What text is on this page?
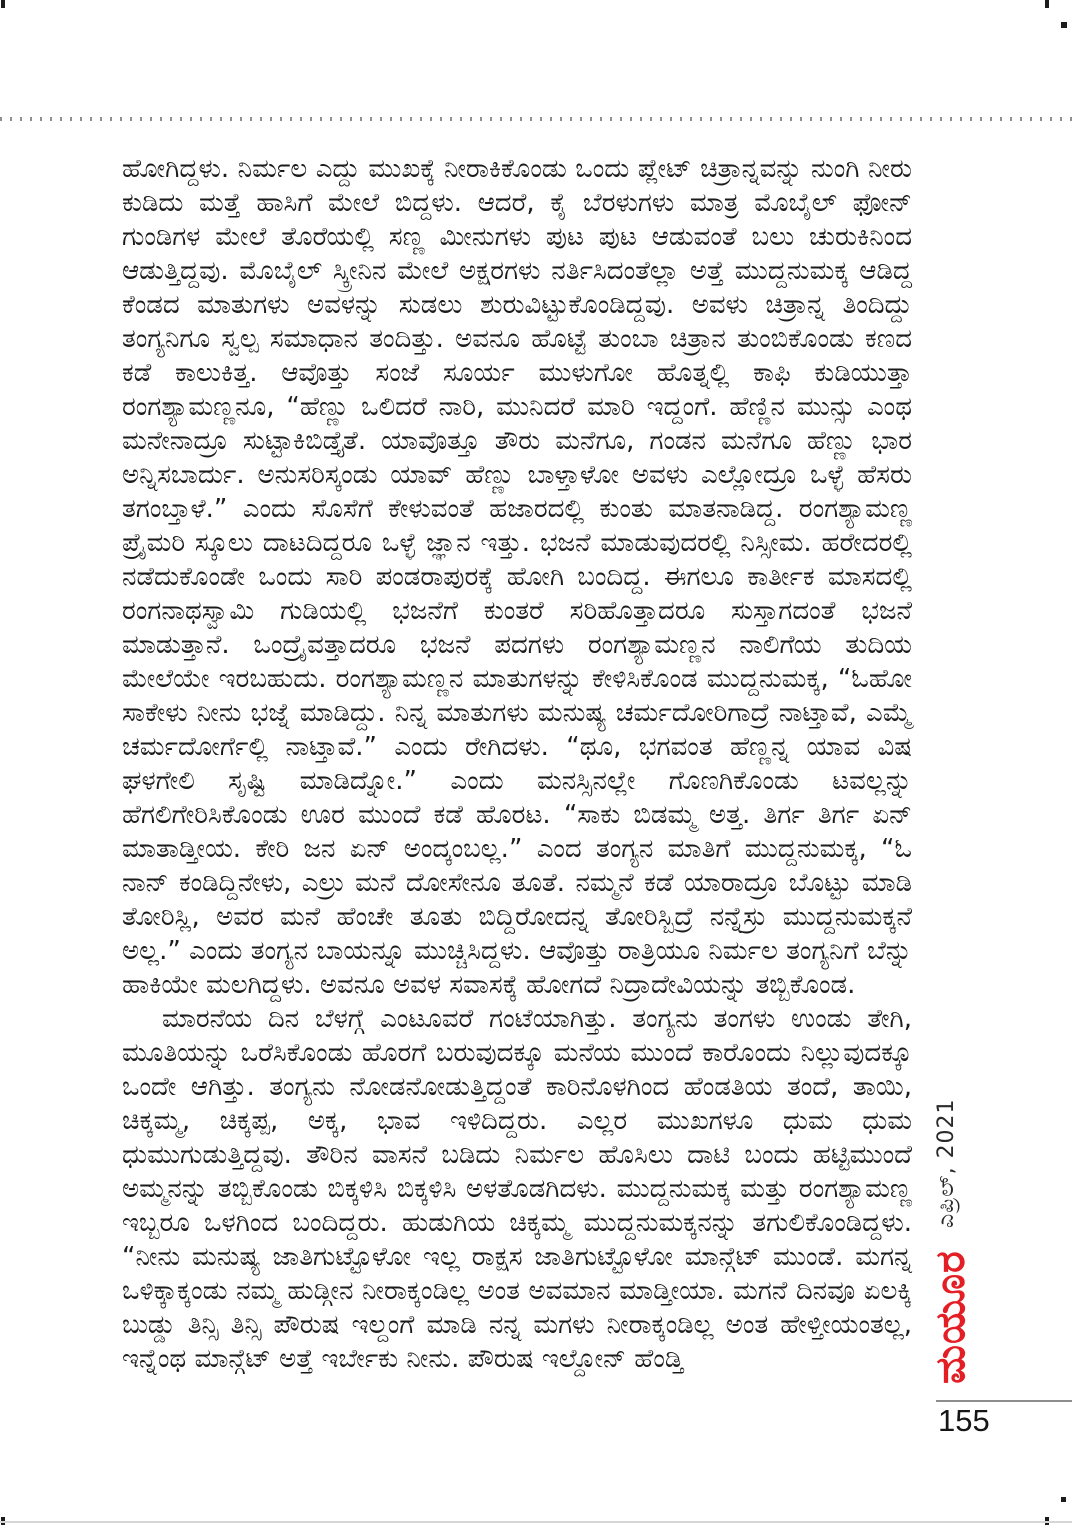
ಹೋಗಿದ್ದಳು. ನಿರ್ಮಲ ಎದ್ದು ಮುಖಕ್ಕೆ ನೀರಾಕಿಕೊಂಡು ಒಂದು ಪ್ಲೇಟ್ ಚಿತ್ರಾನ್ನವನ್ನು ನುಂಗಿ ನೀರು ಕುಡಿದು ಮತ್ತೆ ಹಾಸಿಗೆ ಮೇಲೆ ಬಿದ್ದಳು. ಆದರೆ, ಕೈ ಬೆರಳುಗಳು ಮಾತ್ರ ಮೊಬೈಲ್ ಫೋನ್ ಗುಂಡಿಗಳ ಮೇಲೆ ತೊರೆಯಲ್ಲಿ ಸಣ್ಣ ಮೀನುಗಳು ಪುಟ ಪುಟ ಆಡುವಂತೆ ಬಲು ಚುರುಕಿನಿಂದ ಆಡುತ್ತಿದ್ದವು. ಮೊಬೈಲ್ ಸ್ಕ್ರೀನಿನ ಮೇಲೆ ಅಕ್ಷರಗಳು ನರ್ತಿಸಿದಂತೆಲ್ಲಾ ಅತ್ತೆ ಮುದ್ದನುಮಕ್ಕ ಆಡಿದ್ದ ಕೆಂಡದ ಮಾತುಗಳು ಅವಳನ್ನು ಸುಡಲು ಶುರುವಿಟ್ಟುಕೊಂಡಿದ್ದವು. ಅವಳು ಚಿತ್ರಾನ್ನ ತಿಂದಿದ್ದು ತಂಗ್ಯನಿಗೂ ಸ್ವಲ್ಪ ಸಮಾಧಾನ ತಂದಿತ್ತು. ಅವನೂ ಹೊಟ್ಟೆ ತುಂಬಾ ಚಿತ್ರಾನ ತುಂಬಿಕೊಂಡು ಕಣದ ಕಡೆ ಕಾಲುಕಿತ್ತ. ಆವೊತ್ತು ಸಂಜೆ ಸೂರ್ಯ ಮುಳುಗೋ ಹೊತ್ನಲ್ಲಿ ಕಾಫಿ ಕುಡಿಯುತ್ತಾ ರಂಗಶ್ಯಾಮಣ್ಣನೂ, “ಹೆಣ್ಣು ಒಲಿದರೆ ನಾರಿ, ಮುನಿದರೆ ಮಾರಿ ಇದ್ದಂಗೆ. ಹೆಣ್ಣಿನ ಮುನ್ಸು ಎಂಥ ಮನೇನಾದ್ರೂ ಸುಟ್ಟಾಕಿಬಿಡ್ತೈತೆ. ಯಾವೊತ್ತೂ ತೌರು ಮನೆಗೂ, ಗಂಡನ ಮನೆಗೂ ಹೆಣ್ಣು ಭಾರ ಅನ್ನಿಸಬಾರ್ದು. ಅನುಸರಿಸ್ಕಂಡು ಯಾವ್ ಹೆಣ್ಣು ಬಾಳ್ತಾಳೋ ಅವಳು ಎಲ್ಲೋದ್ರೂ ಒಳ್ಳೆ ಹೆಸರು ತಗಂಬ್ತಾಳೆ.” ಎಂದು ಸೊಸೆಗೆ ಕೇಳುವಂತೆ ಹಜಾರದಲ್ಲಿ ಕುಂತು ಮಾತನಾಡಿದ್ದ. ರಂಗಶ್ಯಾಮಣ್ಣ ಪ್ರೈಮರಿ ಸ್ಕೂಲು ದಾಟದಿದ್ದರೂ ಒಳ್ಳೆ ಜ್ಞಾನ ಇತ್ತು. ಭಜನೆ ಮಾಡುವುದರಲ್ಲಿ ನಿಸ್ಸೀಮ. ಹರೇದರಲ್ಲಿ ನಡೆದುಕೊಂಡೇ ಒಂದು ಸಾರಿ ಪಂಡರಾಪುರಕ್ಕೆ ಹೋಗಿ ಬಂದಿದ್ದ. ಈಗಲೂ ಕಾರ್ತೀಕ ಮಾಸದಲ್ಲಿ ರಂಗನಾಥಸ್ವಾಮಿ ಗುಡಿಯಲ್ಲಿ ಭಜನೆಗೆ ಕುಂತರೆ ಸರಿಹೊತ್ತಾದರೂ ಸುಸ್ತಾಗದಂತೆ ಭಜನೆ ಮಾಡುತ್ತಾನೆ. ಒಂದ್ರೈವತ್ತಾದರೂ ಭಜನೆ ಪದಗಳು ರಂಗಶ್ಯಾಮಣ್ಣನ ನಾಲಿಗೆಯ ತುದಿಯ ಮೇಲೆಯೇ ಇರಬಹುದು. ರಂಗಶ್ಯಾಮಣ್ಣನ ಮಾತುಗಳನ್ನು ಕೇಳಿಸಿಕೊಂಡ ಮುದ್ದನುಮಕ್ಕ, “ಓಹೋ ಸಾಕೇಳು ನೀನು ಭಜ್ನೆ ಮಾಡಿದ್ದು. ನಿನ್ನ ಮಾತುಗಳು ಮನುಷ್ಯ ಚರ್ಮದೋರಿಗಾದ್ರೆ ನಾಟ್ತಾವೆ, ಎಮ್ಮೆ ಚರ್ಮದೋರ್ಗೆಲ್ಲಿ ನಾಟ್ತಾವೆ.” ಎಂದು ರೇಗಿದಳು. “ಥೂ, ಭಗವಂತ ಹೆಣ್ಣನ್ನ ಯಾವ ವಿಷ ಘಳಗೇಲಿ ಸೃಷ್ಟಿ ಮಾಡಿದ್ನೋ.” ಎಂದು ಮನಸ್ಸಿನಲ್ಲೇ ಗೊಣಗಿಕೊಂಡು ಟವಲ್ಲನ್ನು ಹೆಗಲಿಗೇರಿಸಿಕೊಂಡು ಊರ ಮುಂದೆ ಕಡೆ ಹೊರಟ. “ಸಾಕು ಬಿಡಮ್ಮ ಅತ್ತ. ತಿರ್ಗ ತಿರ್ಗ ಏನ್ ಮಾತಾಡ್ತೀಯ. ಕೇರಿ ಜನ ಏನ್ ಅಂದ್ಕಂಬಲ್ಲ.” ಎಂದ ತಂಗ್ಯನ ಮಾತಿಗೆ ಮುದ್ದನುಮಕ್ಕ, “ಓ ನಾನ್ ಕಂಡಿದ್ದಿನೇಳು, ಎಲ್ರು ಮನೆ ದೋಸೇನೂ ತೂತೆ. ನಮ್ಮನೆ ಕಡೆ ಯಾರಾದ್ರೂ ಬೊಟ್ಟು ಮಾಡಿ ತೋರಿಸ್ಲಿ, ಅವರ ಮನೆ ಹೆಂಚೇ ತೂತು ಬಿದ್ದಿರೋದನ್ನ ತೋರಿಸ್ಬಿದ್ರೆ ನನ್ನೆಸ್ರು ಮುದ್ದನುಮಕ್ಕನೆ ಅಲ್ಲ.” ಎಂದು ತಂಗ್ಯನ ಬಾಯನ್ನೂ ಮುಚ್ಚಿಸಿದ್ದಳು. ಆವೊತ್ತು ರಾತ್ರಿಯೂ ನಿರ್ಮಲ ತಂಗ್ಯನಿಗೆ ಬೆನ್ನು ಹಾಕಿಯೇ ಮಲಗಿದ್ದಳು. ಅವನೂ ಅವಳ ಸವಾಸಕ್ಕೆ ಹೋಗದೆ ನಿದ್ರಾದೇವಿಯನ್ನು ತಬ್ಬಿಕೊಂಡ.

ಮಾರನೆಯ ದಿನ ಬೆಳಗ್ಗೆ ಎಂಟೂವರೆ ಗಂಟೆಯಾಗಿತ್ತು. ತಂಗ್ಯನು ತಂಗಳು ಉಂಡು ತೇಗಿ, ಮೂತಿಯನ್ನು ಒರೆಸಿಕೊಂಡು ಹೊರಗೆ ಬರುವುದಕ್ಕೂ ಮನೆಯ ಮುಂದೆ ಕಾರೊಂದು ನಿಲ್ಲುವುದಕ್ಕೂ ಒಂದೇ ಆಗಿತ್ತು. ತಂಗ್ಯನು ನೋಡನೋಡುತ್ತಿದ್ದಂತೆ ಕಾರಿನೊಳಗಿಂದ ಹೆಂಡತಿಯ ತಂದೆ, ತಾಯಿ, ಚಿಕ್ಕಮ್ಮ, ಚಿಕ್ಕಪ್ಪ, ಅಕ್ಕ, ಭಾವ ಇಳಿದಿದ್ದರು. ಎಲ್ಲರ ಮುಖಗಳೂ ಧುಮ ಧುಮ ಧುಮುಗುಡುತ್ತಿದ್ದವು. ತೌರಿನ ವಾಸನೆ ಬಡಿದು ನಿರ್ಮಲ ಹೊಸಿಲು ದಾಟಿ ಬಂದು ಹಟ್ಟಿಮುಂದೆ ಅಮ್ಮನನ್ನು ತಬ್ಬಿಕೊಂಡು ಬಿಕ್ಕಳಿಸಿ ಬಿಕ್ಕಳಿಸಿ ಅಳತೊಡಗಿದಳು. ಮುದ್ದನುಮಕ್ಕ ಮತ್ತು ರಂಗಶ್ಯಾಮಣ್ಣ ಇಬ್ಬರೂ ಒಳಗಿಂದ ಬಂದಿದ್ದರು. ಹುಡುಗಿಯ ಚಿಕ್ಕಮ್ಮ ಮುದ್ದನುಮಕ್ಕನನ್ನು ತಗುಲಿಕೊಂಡಿದ್ದಳು. “ನೀನು ಮನುಷ್ಯ ಜಾತಿಗುಟ್ಟೊಳೋ ಇಲ್ಲ ರಾಕ್ಷಸ ಜಾತಿಗುಟ್ಟೊಳೋ ಮಾನ್ಗೆಟ್ ಮುಂಡೆ. ಮಗನ್ನ ಒಳಿಕ್ಕಾಕ್ಕಂಡು ನಮ್ಮ ಹುಡ್ಗೀನ ನೀರಾಕ್ಕಂಡಿಲ್ಲ ಅಂತ ಅವಮಾನ ಮಾಡ್ತೀಯಾ. ಮಗನೆ ದಿನವೂ ಏಲಕ್ಕಿ ಬುಡ್ಡು ತಿನ್ಸಿ ತಿನ್ಸಿ ಪೌರುಷ ಇಲ್ದಂಗೆ ಮಾಡಿ ನನ್ನ ಮಗಳು ನೀರಾಕ್ಕಂಡಿಲ್ಲ ಅಂತ ಹೇಳ್ತೀಯಂತಲ್ಲ, ಇನ್ನೆಂಥ ಮಾನ್ಗೆಟ್ ಅತ್ತೆ ಇರ್ಬೇಕು ನೀನು. ಪೌರುಷ ಇಲ್ದೋನ್ ಹೆಂಡ್ತಿ

ಎಪ್ರಿಲ್, 2021
ಮಯೂರ
155
